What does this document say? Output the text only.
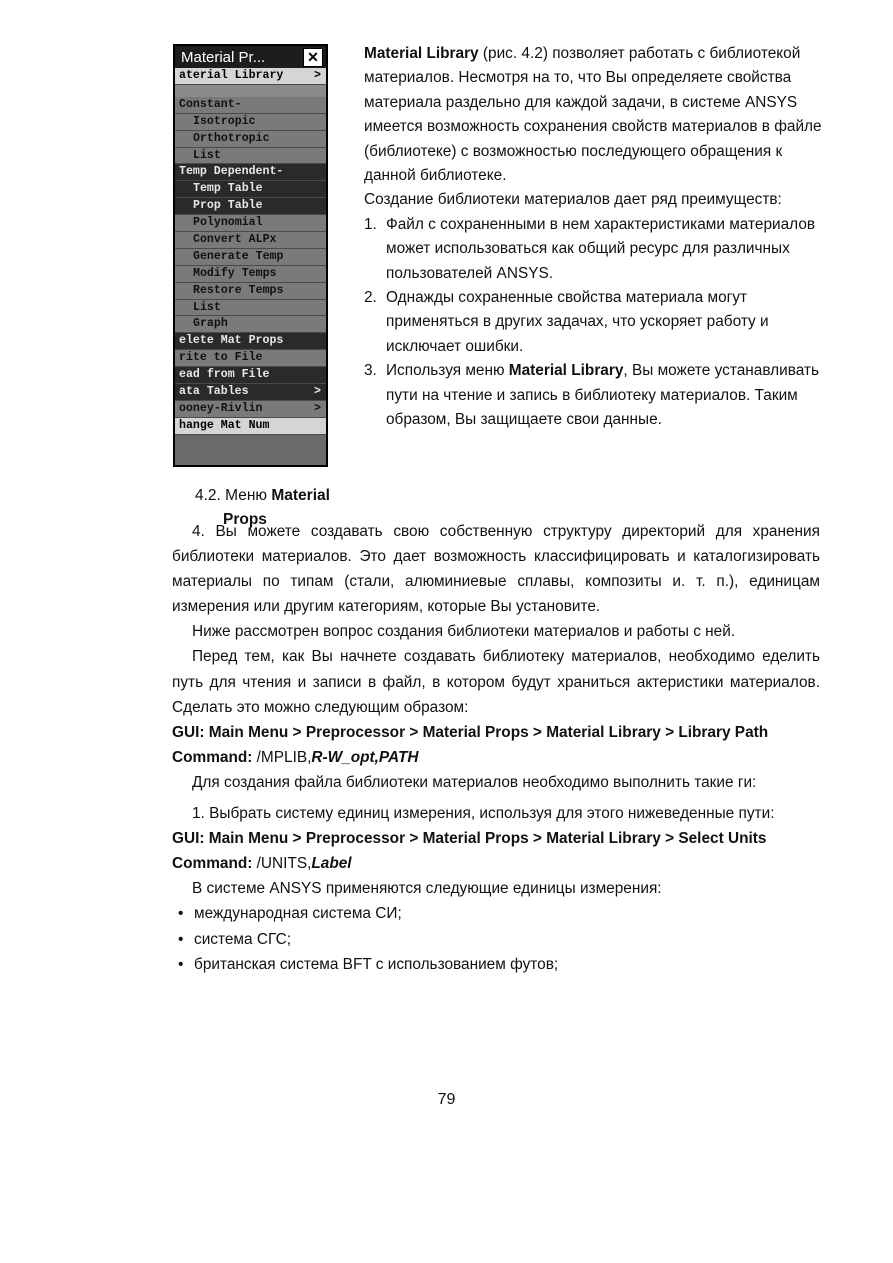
Material Pr...	✕
aterial Library	>
Constant-
Isotropic
Orthotropic
List
Temp Dependent-
Temp Table
Prop Table
Polynomial
Convert ALPx
Generate Temp
Modify Temps
Restore Temps
List
Graph
elete Mat Props
rite to File
ead from File
ata Tables	>
ooney-Rivlin	>
hange Mat Num
4.2. Меню Material
Props

Material Library (рис. 4.2) позволяет работать с библиотекой материалов. Несмотря на то, что Вы определяете свойства материала раздельно для каждой задачи, в системе ANSYS имеется возможность сохранения свойств материалов в файле (библиотеке) с возможностью последующего обращения к данной библиотеке.

Создание библиотеки материалов дает ряд преимуществ:

1. Файл с сохраненными в нем характеристиками материалов может использоваться как общий ресурс для различных пользователей ANSYS.
2. Однажды сохраненные свойства материала могут применяться в других задачах, что ускоряет работу и исключает ошибки.
3. Используя меню Material Library, Вы можете устанавливать пути на чтение и запись в библиотеку материалов. Таким образом, Вы защищаете свои данные.

4. Вы можете создавать свою собственную структуру директорий для хранения библиотеки материалов. Это дает возможность классифицировать и каталогизировать материалы по типам (стали, алюминиевые сплавы, композиты и. т. п.), единицам измерения или другим категориям, которые Вы установите.

Ниже рассмотрен вопрос создания библиотеки материалов и работы с ней.

Перед тем, как Вы начнете создавать библиотеку материалов, необходимо еделить путь для чтения и записи в файл, в котором будут храниться актеристики материалов. Сделать это можно следующим образом:

GUI: Main Menu > Preprocessor > Material Props > Material Library > Library Path

Command: /MPLIB,R-W_opt,PATH

Для создания файла библиотеки материалов необходимо выполнить такие ги:

1. Выбрать систему единиц измерения, используя для этого нижеведенные пути:

GUI: Main Menu > Preprocessor > Material Props > Material Library > Select Units

Command: /UNITS,Label

В системе ANSYS применяются следующие единицы измерения:

• международная система СИ;
• система СГС;
• британская система BFT с использованием футов;
79
